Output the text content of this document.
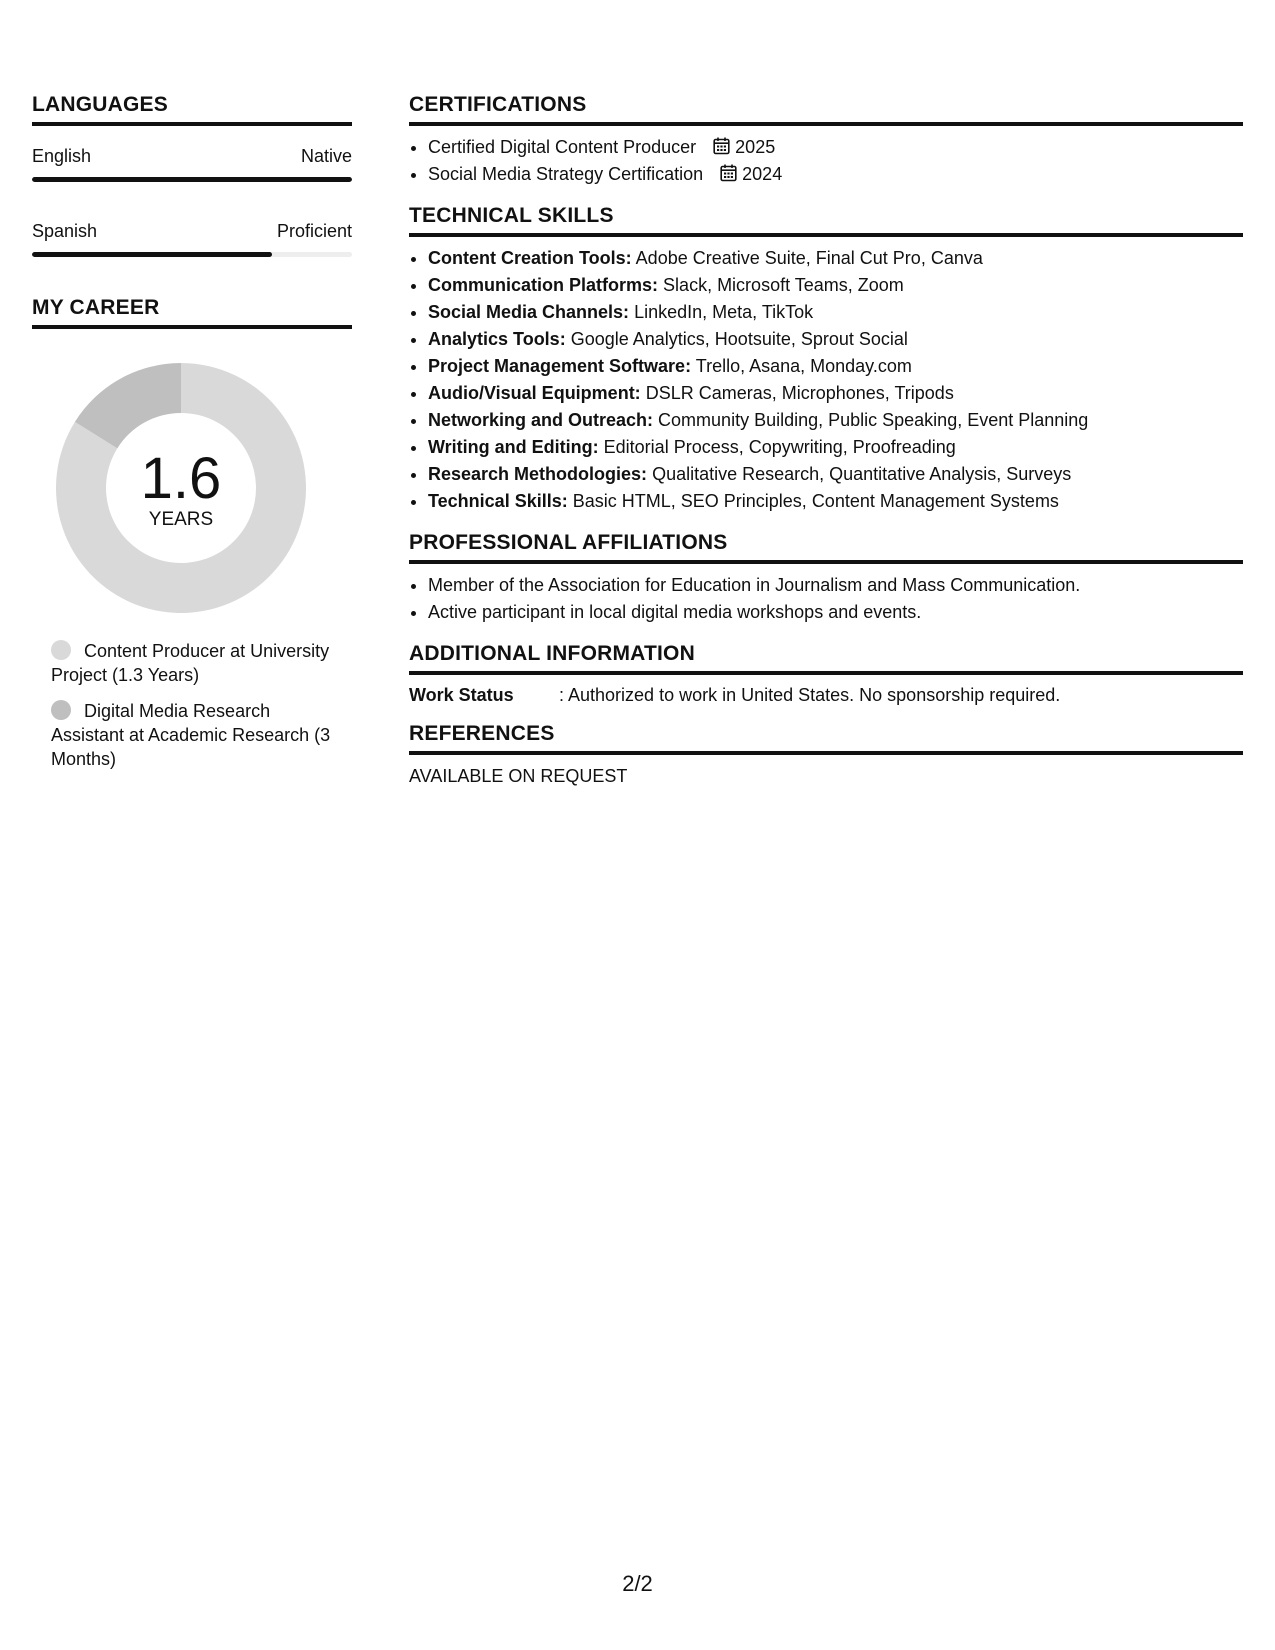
LANGUAGES
English	Native
Spanish	Proficient
MY CAREER
1.6
YEARS
Content Producer at University Project (1.3 Years)
Digital Media Research Assistant at Academic Research (3 Months)
CERTIFICATIONS
• Certified Digital Content Producer 2025
• Social Media Strategy Certification 2024
TECHNICAL SKILLS
• Content Creation Tools: Adobe Creative Suite, Final Cut Pro, Canva
• Communication Platforms: Slack, Microsoft Teams, Zoom
• Social Media Channels: LinkedIn, Meta, TikTok
• Analytics Tools: Google Analytics, Hootsuite, Sprout Social
• Project Management Software: Trello, Asana, Monday.com
• Audio/Visual Equipment: DSLR Cameras, Microphones, Tripods
• Networking and Outreach: Community Building, Public Speaking, Event Planning
• Writing and Editing: Editorial Process, Copywriting, Proofreading
• Research Methodologies: Qualitative Research, Quantitative Analysis, Surveys
• Technical Skills: Basic HTML, SEO Principles, Content Management Systems
PROFESSIONAL AFFILIATIONS
• Member of the Association for Education in Journalism and Mass Communication.
• Active participant in local digital media workshops and events.
ADDITIONAL INFORMATION
Work Status	: Authorized to work in United States. No sponsorship required.
REFERENCES
AVAILABLE ON REQUEST
2/2
